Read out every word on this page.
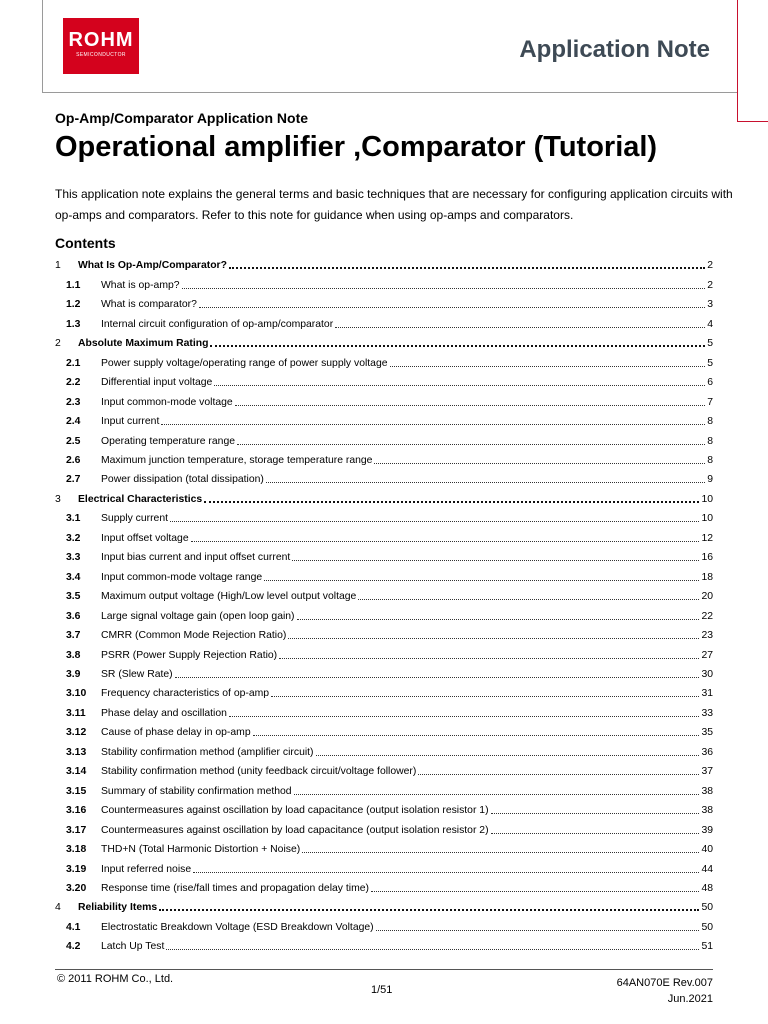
ROHM
SEMICONDUCTOR	Application Note
Op-Amp/Comparator Application Note
Operational amplifier ,Comparator (Tutorial)
This application note explains the general terms and basic techniques that are necessary for configuring application circuits with op-amps and comparators. Refer to this note for guidance when using op-amps and comparators.
Contents
1	What Is Op-Amp/Comparator?	2
1.1	What is op-amp?	2
1.2	What is comparator?	3
1.3	Internal circuit configuration of op-amp/comparator	4
2	Absolute Maximum Rating	5
2.1	Power supply voltage/operating range of power supply voltage	5
2.2	Differential input voltage	6
2.3	Input common-mode voltage	7
2.4	Input current	8
2.5	Operating temperature range	8
2.6	Maximum junction temperature, storage temperature range	8
2.7	Power dissipation (total dissipation)	9
3	Electrical Characteristics	10
3.1	Supply current	10
3.2	Input offset voltage	12
3.3	Input bias current and input offset current	16
3.4	Input common-mode voltage range	18
3.5	Maximum output voltage (High/Low level output voltage	20
3.6	Large signal voltage gain (open loop gain)	22
3.7	CMRR (Common Mode Rejection Ratio)	23
3.8	PSRR (Power Supply Rejection Ratio)	27
3.9	SR (Slew Rate)	30
3.10	Frequency characteristics of op-amp	31
3.11	Phase delay and oscillation	33
3.12	Cause of phase delay in op-amp	35
3.13	Stability confirmation method (amplifier circuit)	36
3.14	Stability confirmation method (unity feedback circuit/voltage follower)	37
3.15	Summary of stability confirmation method	38
3.16	Countermeasures against oscillation by load capacitance (output isolation resistor 1)	38
3.17	Countermeasures against oscillation by load capacitance (output isolation resistor 2)	39
3.18	THD+N (Total Harmonic Distortion + Noise)	40
3.19	Input referred noise	44
3.20	Response time (rise/fall times and propagation delay time)	48
4	Reliability Items	50
4.1	Electrostatic Breakdown Voltage (ESD Breakdown Voltage)	50
4.2	Latch Up Test	51
© 2011 ROHM Co., Ltd.
1/51
64AN070E Rev.007
Jun.2021
